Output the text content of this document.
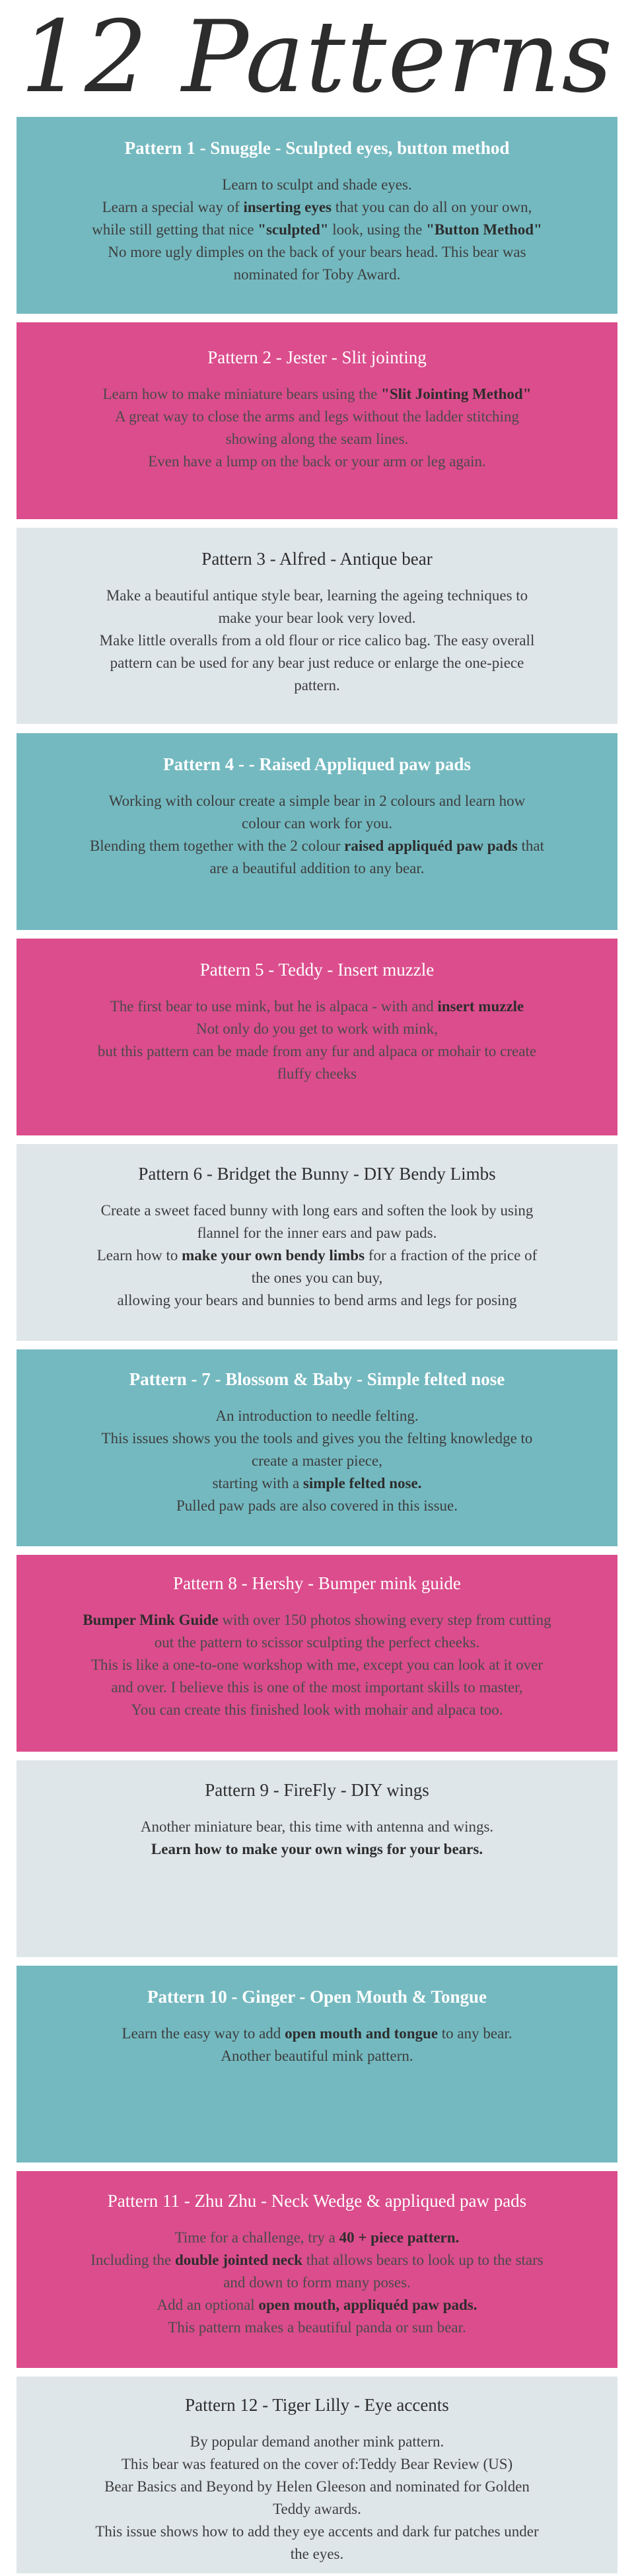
12 Patterns
Pattern 1 - Snuggle - Sculpted eyes, button method

Learn to sculpt and shade eyes.
Learn a special way of inserting eyes that you can do all on your own,
while still getting that nice "sculpted" look, using the "Button Method"
No more ugly dimples on the back of your bears head. This bear was
nominated for Toby Award.

Pattern 2 - Jester - Slit jointing

Learn how to make miniature bears using the "Slit Jointing Method"
A great way to close the arms and legs without the ladder stitching
showing along the seam lines.
Even have a lump on the back or your arm or leg again.

Pattern 3 - Alfred - Antique bear

Make a beautiful antique style bear, learning the ageing techniques to
make your bear look very loved.
Make little overalls from a old flour or rice calico bag. The easy overall
pattern can be used for any bear just reduce or enlarge the one-piece
pattern.

Pattern 4 - - Raised Appliqued paw pads

Working with colour create a simple bear in 2 colours and learn how
colour can work for you.
Blending them together with the 2 colour raised appliquéd paw pads that
are a beautiful addition to any bear.

Pattern 5 - Teddy - Insert muzzle

The first bear to use mink, but he is alpaca - with and insert muzzle
Not only do you get to work with mink,
but this pattern can be made from any fur and alpaca or mohair to create
fluffy cheeks

Pattern 6 - Bridget the Bunny - DIY Bendy Limbs

Create a sweet faced bunny with long ears and soften the look by using
flannel for the inner ears and paw pads.
Learn how to make your own bendy limbs for a fraction of the price of
the ones you can buy,
allowing your bears and bunnies to bend arms and legs for posing

Pattern - 7 - Blossom & Baby - Simple felted nose

An introduction to needle felting.
This issues shows you the tools and gives you the felting knowledge to
create a master piece,
starting with a simple felted nose.
Pulled paw pads are also covered in this issue.

Pattern 8 - Hershy - Bumper mink guide

Bumper Mink Guide with over 150 photos showing every step from cutting
out the pattern to scissor sculpting the perfect cheeks.
This is like a one-to-one workshop with me, except you can look at it over
and over. I believe this is one of the most important skills to master,
You can create this finished look with mohair and alpaca too.

Pattern 9 - FireFly - DIY wings

Another miniature bear, this time with antenna and wings.
Learn how to make your own wings for your bears.

Pattern 10 - Ginger - Open Mouth & Tongue

Learn the easy way to add open mouth and tongue to any bear.
Another beautiful mink pattern.

Pattern 11 - Zhu Zhu - Neck Wedge & appliqued paw pads

Time for a challenge, try a 40 + piece pattern.
Including the double jointed neck that allows bears to look up to the stars
and down to form many poses.
Add an optional open mouth, appliquéd paw pads.
This pattern makes a beautiful panda or sun bear.

Pattern 12 - Tiger Lilly - Eye accents

By popular demand another mink pattern.
This bear was featured on the cover of:Teddy Bear Review (US)
Bear Basics and Beyond by Helen Gleeson and nominated for Golden
Teddy awards.
This issue shows how to add they eye accents and dark fur patches under
the eyes.
